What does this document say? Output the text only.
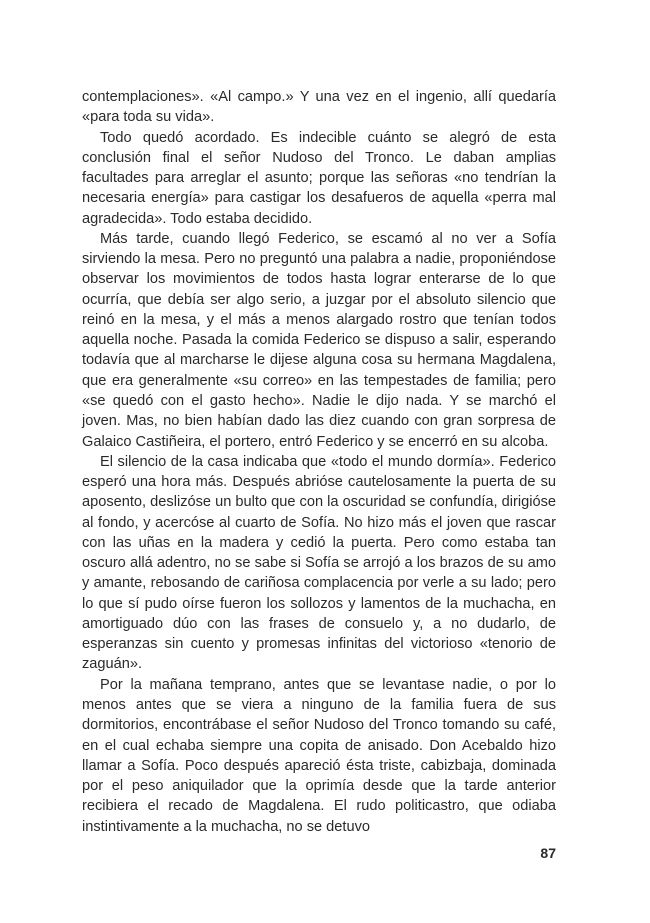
contemplaciones». «Al campo.» Y una vez en el ingenio, allí quedaría «para toda su vida».

Todo quedó acordado. Es indecible cuánto se alegró de esta conclusión final el señor Nudoso del Tronco. Le daban amplias facultades para arreglar el asunto; porque las señoras «no tendrían la necesaria energía» para castigar los desafueros de aquella «perra mal agradecida». Todo estaba decidido.

Más tarde, cuando llegó Federico, se escamó al no ver a Sofía sirviendo la mesa. Pero no preguntó una palabra a nadie, proponiéndose observar los movimientos de todos hasta lograr enterarse de lo que ocurría, que debía ser algo serio, a juzgar por el absoluto silencio que reinó en la mesa, y el más a menos alargado rostro que tenían todos aquella noche. Pasada la comida Federico se dispuso a salir, esperando todavía que al marcharse le dijese alguna cosa su hermana Magdalena, que era generalmente «su correo» en las tempestades de familia; pero «se quedó con el gasto hecho». Nadie le dijo nada. Y se marchó el joven. Mas, no bien habían dado las diez cuando con gran sorpresa de Galaico Castiñeira, el portero, entró Federico y se encerró en su alcoba.

El silencio de la casa indicaba que «todo el mundo dormía». Federico esperó una hora más. Después abrióse cautelosamente la puerta de su aposento, deslizóse un bulto que con la oscuridad se confundía, dirigióse al fondo, y acercóse al cuarto de Sofía. No hizo más el joven que rascar con las uñas en la madera y cedió la puerta. Pero como estaba tan oscuro allá adentro, no se sabe si Sofía se arrojó a los brazos de su amo y amante, rebosando de cariñosa complacencia por verle a su lado; pero lo que sí pudo oírse fueron los sollozos y lamentos de la muchacha, en amortiguado dúo con las frases de consuelo y, a no dudarlo, de esperanzas sin cuento y promesas infinitas del victorioso «tenorio de zaguán».

Por la mañana temprano, antes que se levantase nadie, o por lo menos antes que se viera a ninguno de la familia fuera de sus dormitorios, encontrábase el señor Nudoso del Tronco tomando su café, en el cual echaba siempre una copita de anisado. Don Acebaldo hizo llamar a Sofía. Poco después apareció ésta triste, cabizbaja, dominada por el peso aniquilador que la oprimía desde que la tarde anterior recibiera el recado de Magdalena. El rudo politicastro, que odiaba instintivamente a la muchacha, no se detuvo

87
